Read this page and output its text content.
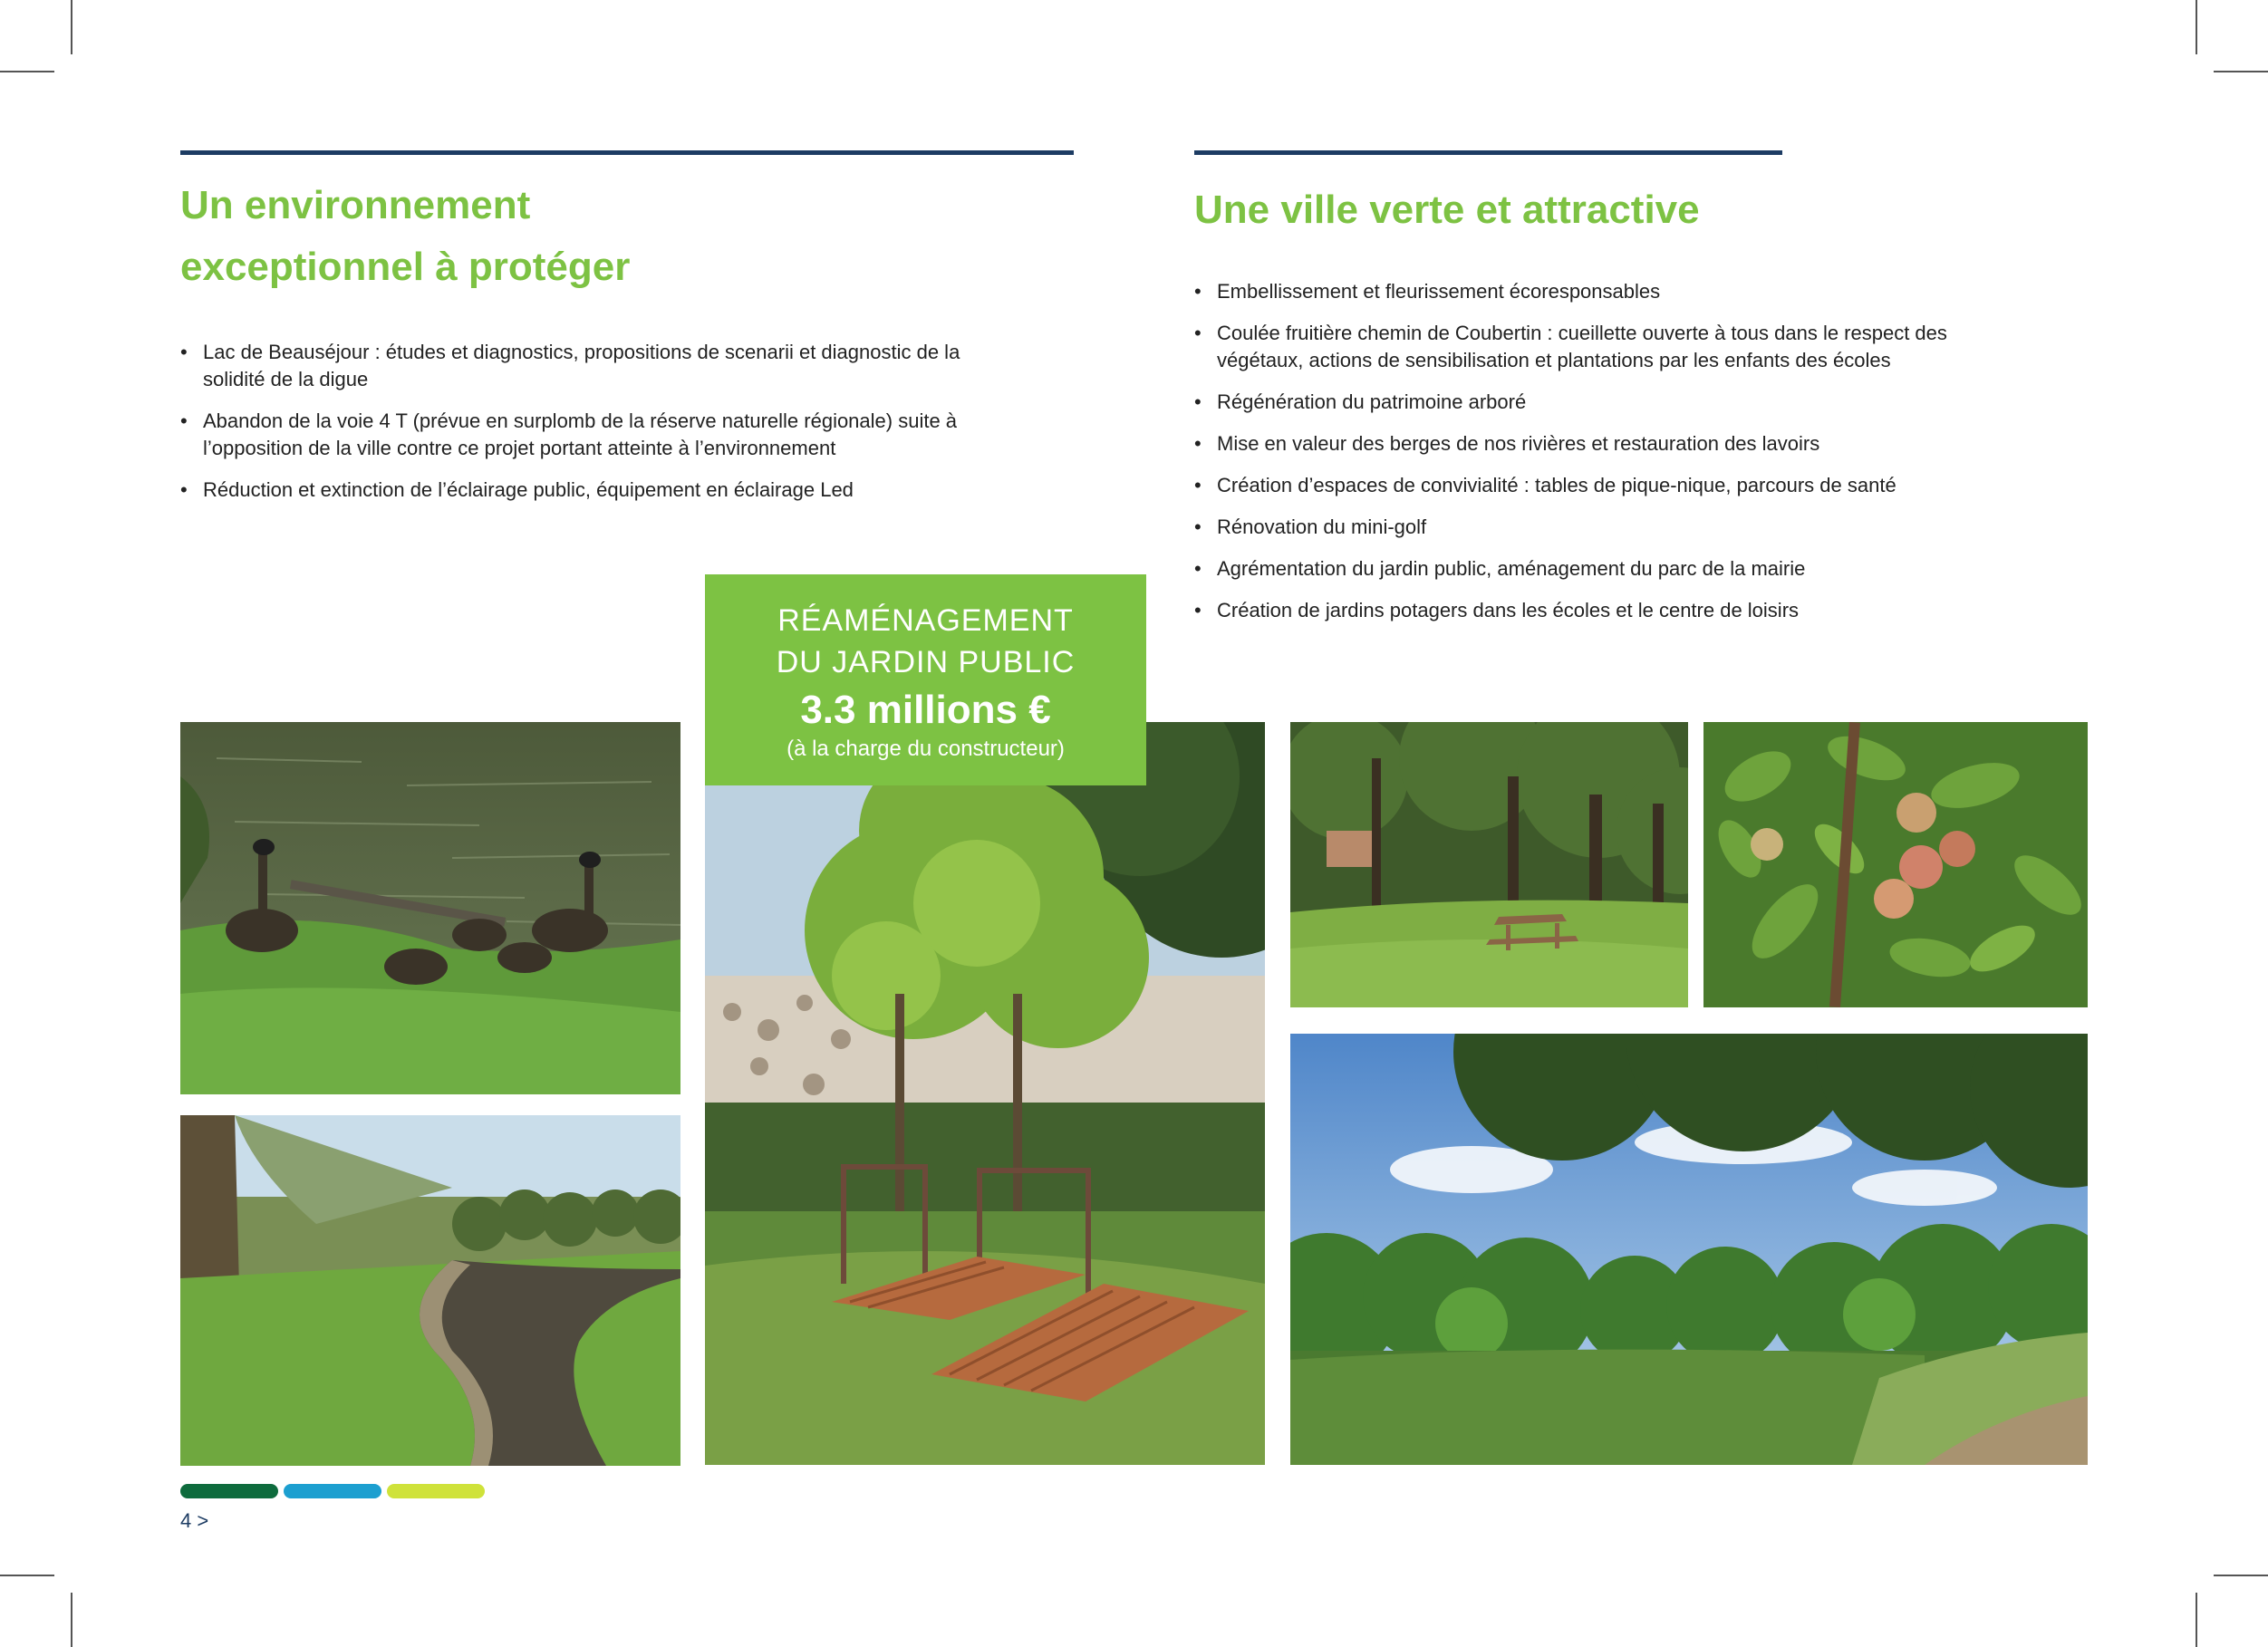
Un environnement
exceptionnel à protéger
• Lac de Beauséjour : études et diagnostics, propositions de scenarii et diagnostic de la solidité de la digue
• Abandon de la voie 4 T (prévue en surplomb de la réserve naturelle régionale) suite à l’opposition de la ville contre ce projet portant atteinte à l’environnement
• Réduction et extinction de l’éclairage public, équipement en éclairage Led
Une ville verte et attractive
• Embellissement et fleurissement écoresponsables
• Coulée fruitière chemin de Coubertin : cueillette ouverte à tous dans le respect des végétaux, actions de sensibilisation et plantations par les enfants des écoles
• Régénération du patrimoine arboré
• Mise en valeur des berges de nos rivières et restauration des lavoirs
• Création d’espaces de convivialité : tables de pique-nique, parcours de santé
• Rénovation du mini-golf
• Agrémentation du jardin public, aménagement du parc de la mairie
• Création de jardins potagers dans les écoles et le centre de loisirs
RÉAMÉNAGEMENT
DU JARDIN PUBLIC
3.3 millions €
(à la charge du constructeur)
4 >
